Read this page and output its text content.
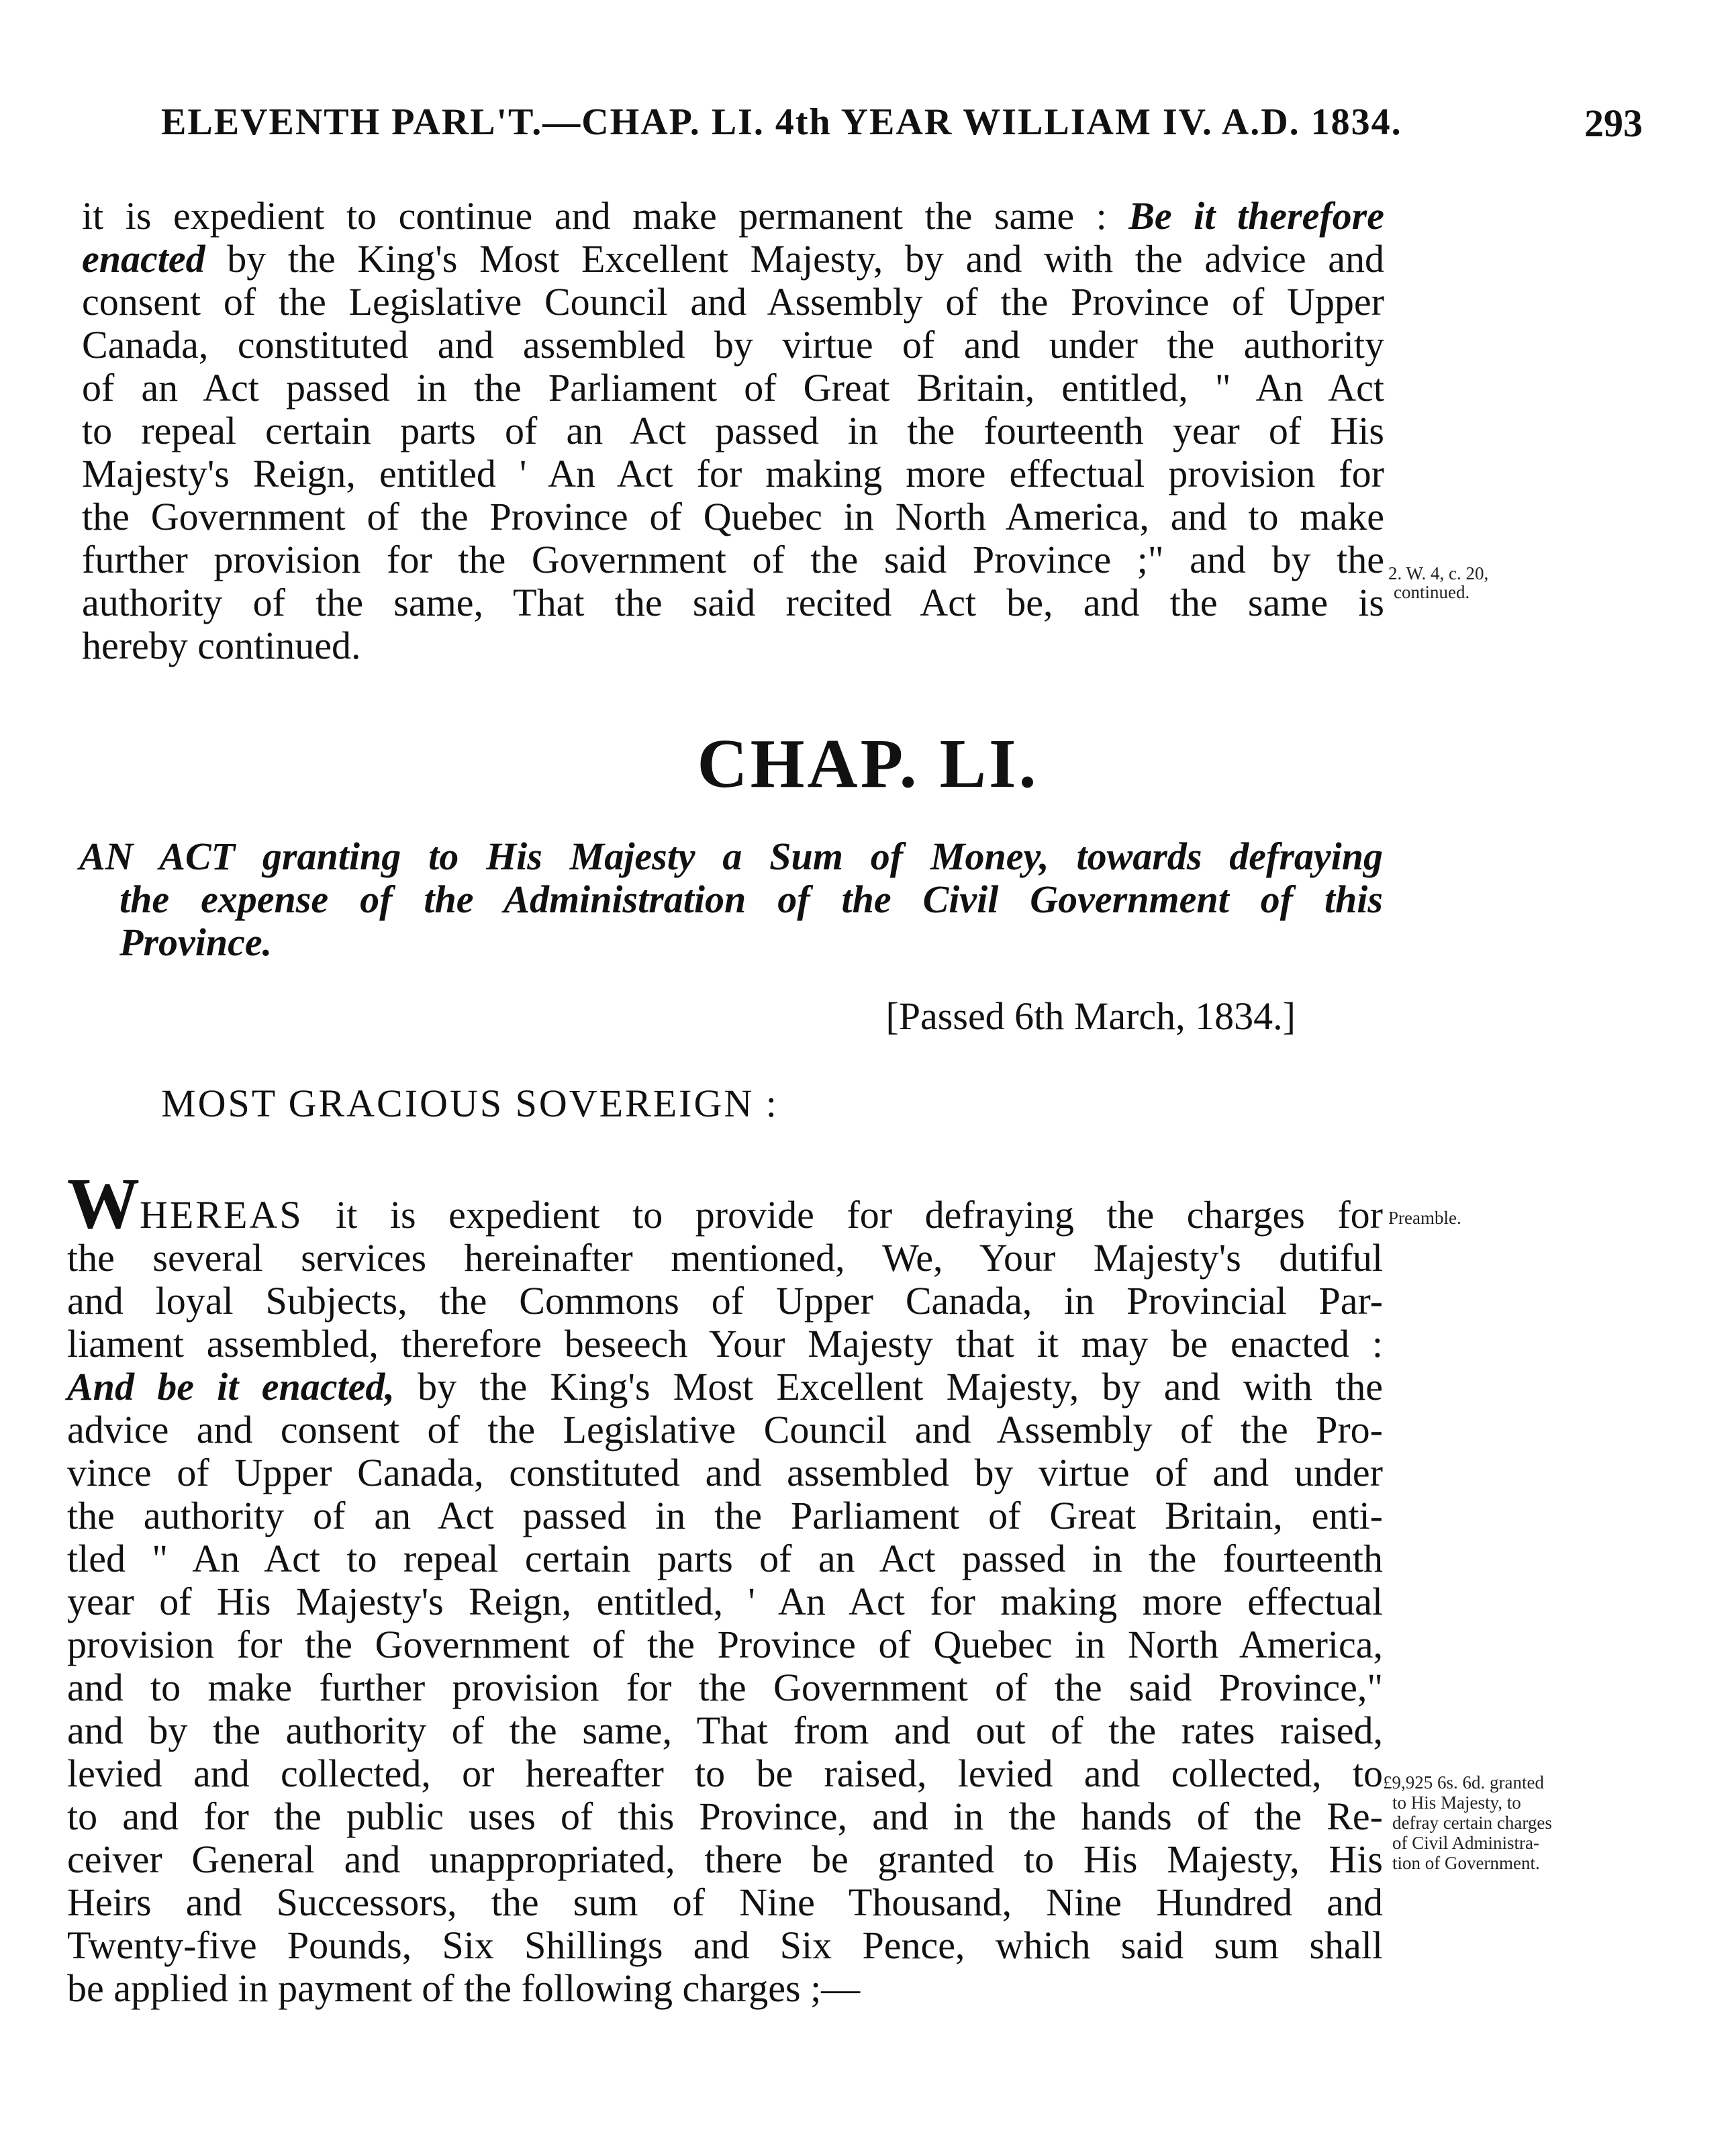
ELEVENTH PARL'T.—CHAP. LI. 4th YEAR WILLIAM IV. A.D. 1834.	293
it is expedient to continue and make permanent the same : Be it therefore
enacted by the King's Most Excellent Majesty, by and with the advice and
consent of the Legislative Council and Assembly of the Province of Upper
Canada, constituted and assembled by virtue of and under the authority
of an Act passed in the Parliament of Great Britain, entitled, " An Act
to repeal certain parts of an Act passed in the fourteenth year of His
Majesty's Reign, entitled ' An Act for making more effectual provision for
the Government of the Province of Quebec in North America, and to make
further provision for the Government of the said Province ;" and by the
authority of the same, That the said recited Act be, and the same is
hereby continued.
2. W. 4, c. 20,
continued.
CHAP. LI.
AN ACT granting to His Majesty a Sum of Money, towards defraying
the expense of the Administration of the Civil Government of this
Province.
[Passed 6th March, 1834.]
MOST GRACIOUS SOVEREIGN :
WHEREAS it is expedient to provide for defraying the charges for
the several services hereinafter mentioned, We, Your Majesty's dutiful
and loyal Subjects, the Commons of Upper Canada, in Provincial Par-
liament assembled, therefore beseech Your Majesty that it may be enacted :
And be it enacted, by the King's Most Excellent Majesty, by and with the
advice and consent of the Legislative Council and Assembly of the Pro-
vince of Upper Canada, constituted and assembled by virtue of and under
the authority of an Act passed in the Parliament of Great Britain, enti-
tled " An Act to repeal certain parts of an Act passed in the fourteenth
year of His Majesty's Reign, entitled, ' An Act for making more effectual
provision for the Government of the Province of Quebec in North America,
and to make further provision for the Government of the said Province,"
and by the authority of the same, That from and out of the rates raised,
levied and collected, or hereafter to be raised, levied and collected, to
to and for the public uses of this Province, and in the hands of the Re-
ceiver General and unappropriated, there be granted to His Majesty, His
Heirs and Successors, the sum of Nine Thousand, Nine Hundred and
Twenty-five Pounds, Six Shillings and Six Pence, which said sum shall
be applied in payment of the following charges ;—
Preamble.
£9,925 6s. 6d. granted
to His Majesty, to
defray certain charges
of Civil Administra-
tion of Government.
